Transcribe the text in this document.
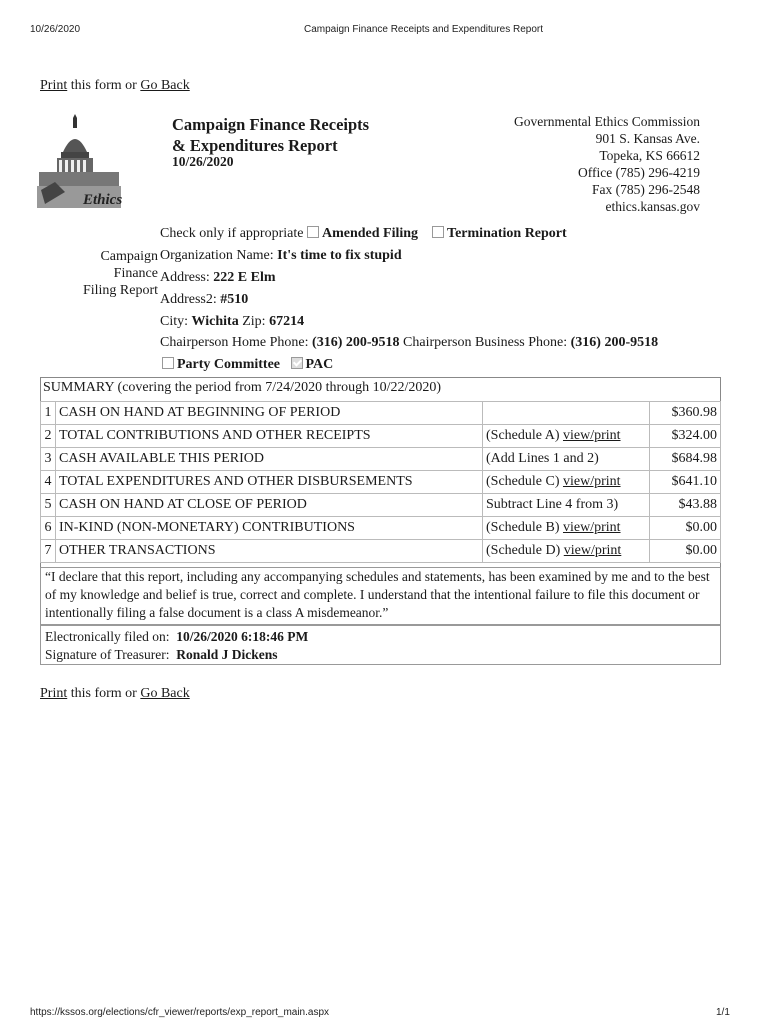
10/26/2020	Campaign Finance Receipts and Expenditures Report
Print this form or Go Back
Ethics
Campaign Finance Receipts
& Expenditures Report
10/26/2020
Governmental Ethics Commission
901 S. Kansas Ave.
Topeka, KS 66612
Office (785) 296-4219
Fax (785) 296-2548
ethics.kansas.gov
Check only if appropriate Amended Filing Termination Report
Campaign
Finance
Filing Report
Organization Name: It's time to fix stupid
Address: 222 E Elm
Address2: #510
City: Wichita Zip: 67214
Chairperson Home Phone: (316) 200-9518 Chairperson Business Phone: (316) 200-9518
Party Committee PAC
SUMMARY (covering the period from 7/24/2020 through 10/22/2020)
1	CASH ON HAND AT BEGINNING OF PERIOD		$360.98
2	TOTAL CONTRIBUTIONS AND OTHER RECEIPTS	(Schedule A) view/print	$324.00
3	CASH AVAILABLE THIS PERIOD	(Add Lines 1 and 2)	$684.98
4	TOTAL EXPENDITURES AND OTHER DISBURSEMENTS	(Schedule C) view/print	$641.10
5	CASH ON HAND AT CLOSE OF PERIOD	Subtract Line 4 from 3)	$43.88
6	IN-KIND (NON-MONETARY) CONTRIBUTIONS	(Schedule B) view/print	$0.00
7	OTHER TRANSACTIONS	(Schedule D) view/print	$0.00
“I declare that this report, including any accompanying schedules and statements, has been examined by me and to the best of my knowledge and belief is true, correct and complete. I understand that the intentional failure to file this document or intentionally filing a false document is a class A misdemeanor.”
Electronically filed on: 10/26/2020 6:18:46 PM
Signature of Treasurer: Ronald J Dickens
Print this form or Go Back
https://kssos.org/elections/cfr_viewer/reports/exp_report_main.aspx	1/1
